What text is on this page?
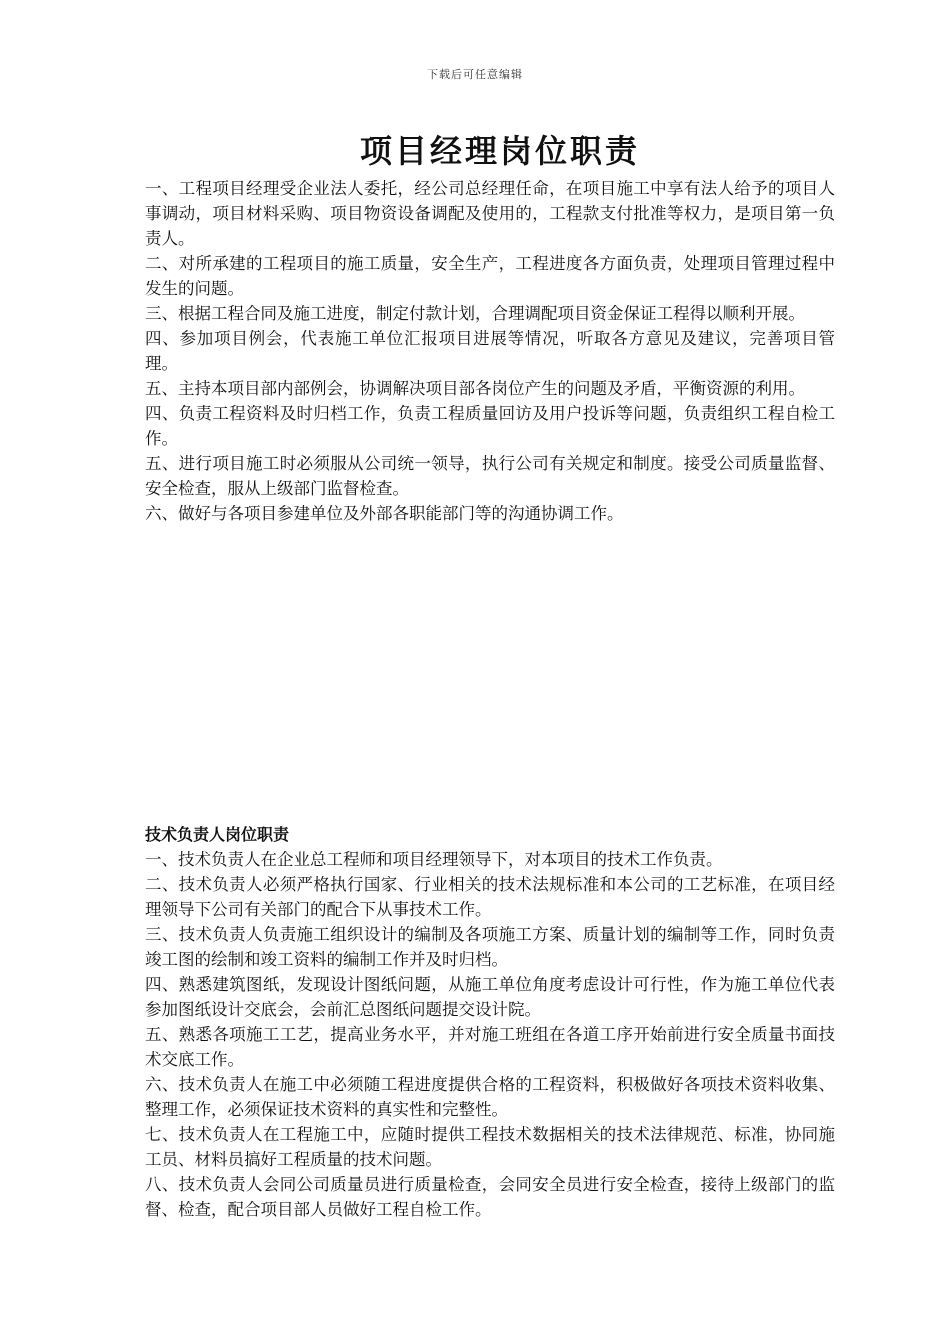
下载后可任意编辑
项目经理岗位职责

一、工程项目经理受企业法人委托，经公司总经理任命，在项目施工中享有法人给予的项目人事调动，项目材料采购、项目物资设备调配及使用的，工程款支付批准等权力，是项目第一负责人。

二、对所承建的工程项目的施工质量，安全生产，工程进度各方面负责，处理项目管理过程中发生的问题。

三、根据工程合同及施工进度，制定付款计划，合理调配项目资金保证工程得以顺利开展。

四、参加项目例会，代表施工单位汇报项目进展等情况，听取各方意见及建议，完善项目管理。

五、主持本项目部内部例会，协调解决项目部各岗位产生的问题及矛盾，平衡资源的利用。

四、负责工程资料及时归档工作，负责工程质量回访及用户投诉等问题，负责组织工程自检工作。

五、进行项目施工时必须服从公司统一领导，执行公司有关规定和制度。接受公司质量监督、安全检查，服从上级部门监督检查。

六、做好与各项目参建单位及外部各职能部门等的沟通协调工作。

技术负责人岗位职责

一、技术负责人在企业总工程师和项目经理领导下，对本项目的技术工作负责。

二、技术负责人必须严格执行国家、行业相关的技术法规标准和本公司的工艺标准，在项目经理领导下公司有关部门的配合下从事技术工作。

三、技术负责人负责施工组织设计的编制及各项施工方案、质量计划的编制等工作，同时负责竣工图的绘制和竣工资料的编制工作并及时归档。

四、熟悉建筑图纸，发现设计图纸问题，从施工单位角度考虑设计可行性，作为施工单位代表参加图纸设计交底会，会前汇总图纸问题提交设计院。

五、熟悉各项施工工艺，提高业务水平，并对施工班组在各道工序开始前进行安全质量书面技术交底工作。

六、技术负责人在施工中必须随工程进度提供合格的工程资料，积极做好各项技术资料收集、整理工作，必须保证技术资料的真实性和完整性。

七、技术负责人在工程施工中，应随时提供工程技术数据相关的技术法律规范、标准，协同施工员、材料员搞好工程质量的技术问题。

八、技术负责人会同公司质量员进行质量检查，会同安全员进行安全检查，接待上级部门的监督、检查，配合项目部人员做好工程自检工作。
